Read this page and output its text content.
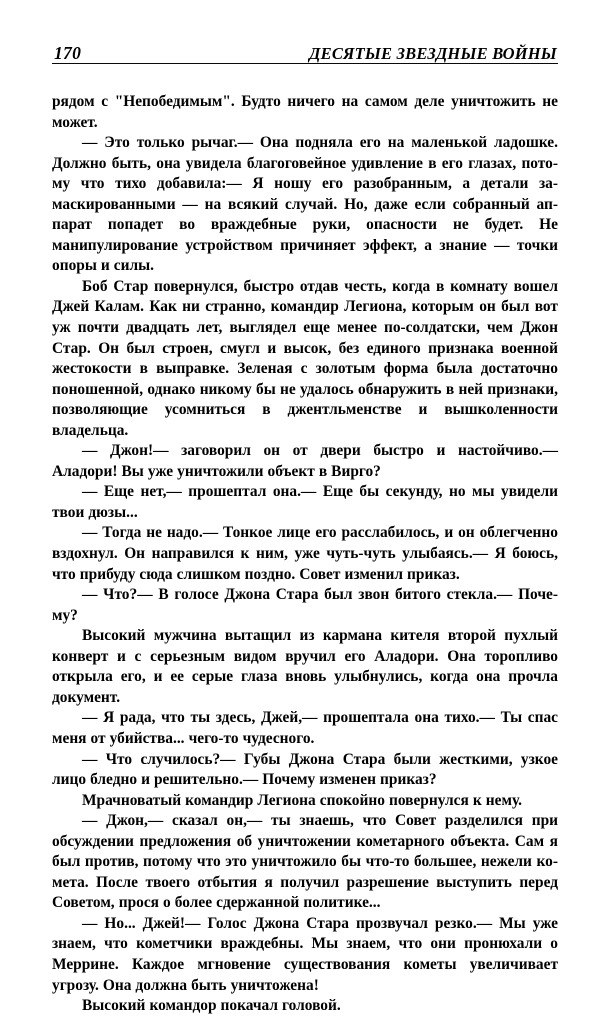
170	ДЕСЯТЫЕ ЗВЕЗДНЫЕ ВОЙНЫ

рядом с "Непобедимым". Будто ничего на самом деле уничтожить не может.

— Это только рычаг.— Она подняла его на маленькой ладошке. Должно быть, она увидела благоговейное удивление в его глазах, потому что тихо добавила:— Я ношу его разобранным, а детали замаскированными — на всякий случай. Но, даже если собранный аппарат попадет во враждебные руки, опасности не будет. Не манипулирование устройством причиняет эффект, а знание — точки опоры и силы.

Боб Стар повернулся, быстро отдав честь, когда в комнату вошел Джей Калам. Как ни странно, командир Легиона, которым он был вот уж почти двадцать лет, выглядел еще менее по-солдатски, чем Джон Стар. Он был строен, смугл и высок, без единого признака военной жестокости в выправке. Зеленая с золотым форма была достаточно поношенной, однако никому бы не удалось обнаружить в ней признаки, позволяющие усомниться в джентльменстве и вышколенности владельца.

— Джон!— заговорил он от двери быстро и настойчиво.— Аладори! Вы уже уничтожили объект в Вирго?

— Еще нет,— прошептал она.— Еще бы секунду, но мы увидели твои дюзы...

— Тогда не надо.— Тонкое лице его расслабилось, и он облегченно вздохнул. Он направился к ним, уже чуть-чуть улыбаясь.— Я боюсь, что прибуду сюда слишком поздно. Совет изменил приказ.

— Что?— В голосе Джона Стара был звон битого стекла.— Почему?

Высокий мужчина вытащил из кармана кителя второй пухлый конверт и с серьезным видом вручил его Аладори. Она торопливо открыла его, и ее серые глаза вновь улыбнулись, когда она прочла документ.

— Я рада, что ты здесь, Джей,— прошептала она тихо.— Ты спас меня от убийства... чего-то чудесного.

— Что случилось?— Губы Джона Стара были жесткими, узкое лицо бледно и решительно.— Почему изменен приказ?

Мрачноватый командир Легиона спокойно повернулся к нему.

— Джон,— сказал он,— ты знаешь, что Совет разделился при обсуждении предложения об уничтожении кометарного объекта. Сам я был против, потому что это уничтожило бы что-то большее, нежели комета. После твоего отбытия я получил разрешение выступить перед Советом, прося о более сдержанной политике...

— Но... Джей!— Голос Джона Стара прозвучал резко.— Мы уже знаем, что кометчики враждебны. Мы знаем, что они пронюхали о Меррине. Каждое мгновение существования кометы увеличивает угрозу. Она должна быть уничтожена!

Высокий командор покачал головой.
